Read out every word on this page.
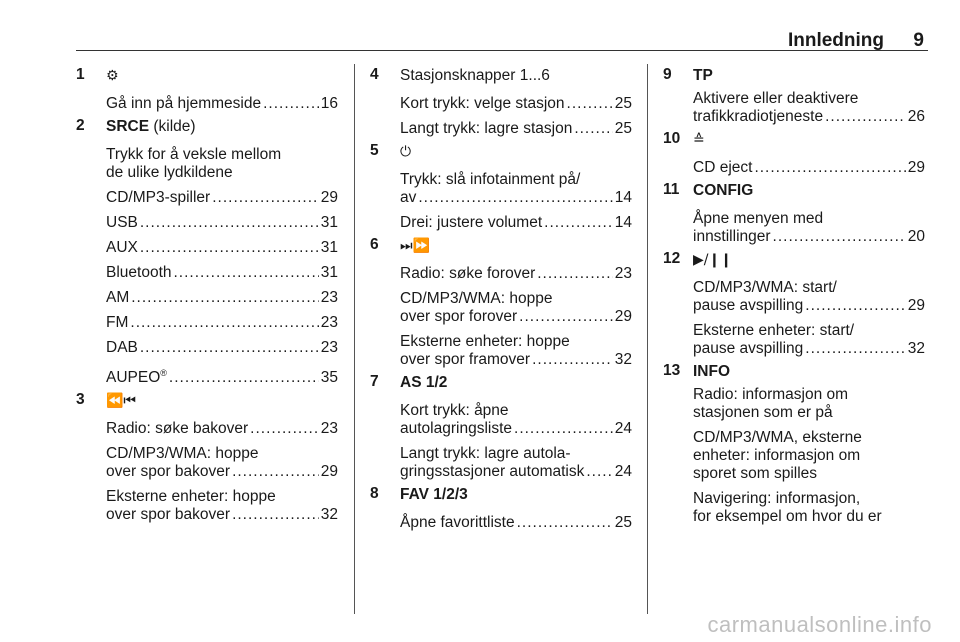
Innledning 9
1 ⚙
Gå inn på hjemmeside .....	16
2 SRCE (kilde)
Trykk for å veksle mellom
de ulike lydkildene
CD/MP3-spiller .....	29
USB .....	31
AUX .....	31
Bluetooth .....	31
AM .....	23
FM .....	23
DAB .....	23
AUPEO® .....	35
3 ⏪⏮
Radio: søke bakover .....	23
CD/MP3/WMA: hoppe
over spor bakover .....	29
Eksterne enheter: hoppe
over spor bakover .....	32
4 Stasjonsknapper 1...6
Kort trykk: velge stasjon .....	25
Langt trykk: lagre stasjon .....	25
5 ⏻
Trykk: slå infotainment på/
av .....	14
Drei: justere volumet .....	14
6 ⏭⏩
Radio: søke forover .....	23
CD/MP3/WMA: hoppe
over spor forover .....	29
Eksterne enheter: hoppe
over spor framover .....	32
7 AS 1/2
Kort trykk: åpne
autolagringsliste .....	24
Langt trykk: lagre autola-
gringsstasjoner automatisk ..... 24
8 FAV 1/2/3
Åpne favorittliste .....	25
9 TP
Aktivere eller deaktivere
trafikkradiotjeneste .....	26
10 ≙
CD eject .....	29
11 CONFIG
Åpne menyen med
innstillinger .....	20
12 ▶/❙❙
CD/MP3/WMA: start/
pause avspilling .....	29
Eksterne enheter: start/
pause avspilling .....	32
13 INFO
Radio: informasjon om
stasjonen som er på
CD/MP3/WMA, eksterne
enheter: informasjon om
sporet som spilles
Navigering: informasjon,
for eksempel om hvor du er
carmanualsonline.info
